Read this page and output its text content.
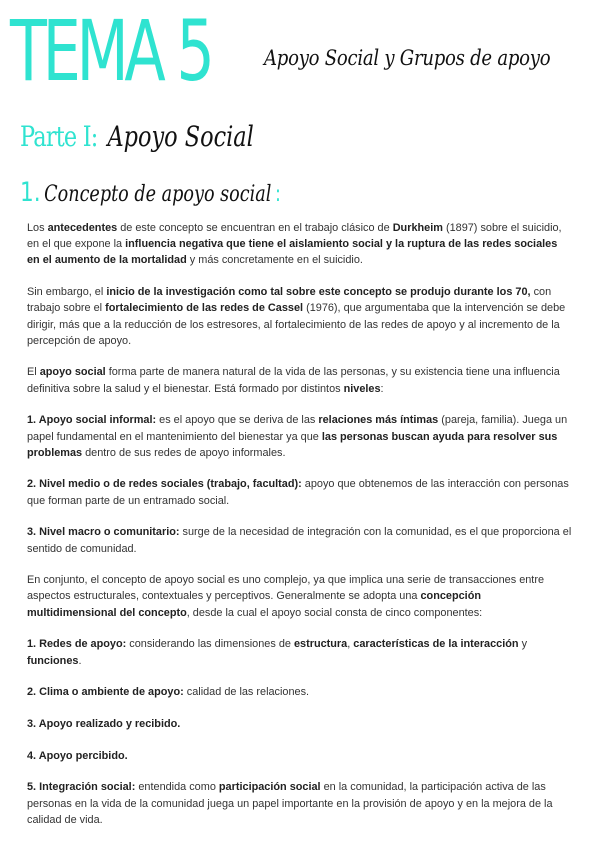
TEMA 5	Apoyo Social y Grupos de apoyo
Parte I: Apoyo Social
1. Concepto de apoyo social :

Los antecedentes de este concepto se encuentran en el trabajo clásico de Durkheim (1897) sobre el suicidio, en el que expone la influencia negativa que tiene el aislamiento social y la ruptura de las redes sociales en el aumento de la mortalidad y más concretamente en el suicidio.

Sin embargo, el inicio de la investigación como tal sobre este concepto se produjo durante los 70, con trabajo sobre el fortalecimiento de las redes de Cassel (1976), que argumentaba que la intervención se debe dirigir, más que a la reducción de los estresores, al fortalecimiento de las redes de apoyo y al incremento de la percepción de apoyo.

El apoyo social forma parte de manera natural de la vida de las personas, y su existencia tiene una influencia definitiva sobre la salud y el bienestar. Está formado por distintos niveles:

1. Apoyo social informal: es el apoyo que se deriva de las relaciones más íntimas (pareja, familia). Juega un papel fundamental en el mantenimiento del bienestar ya que las personas buscan ayuda para resolver sus problemas dentro de sus redes de apoyo informales.

2. Nivel medio o de redes sociales (trabajo, facultad): apoyo que obtenemos de las interacción con personas que forman parte de un entramado social.

3. Nivel macro o comunitario: surge de la necesidad de integración con la comunidad, es el que proporciona el sentido de comunidad.

En conjunto, el concepto de apoyo social es uno complejo, ya que implica una serie de transacciones entre aspectos estructurales, contextuales y perceptivos. Generalmente se adopta una concepción multidimensional del concepto, desde la cual el apoyo social consta de cinco componentes:

1. Redes de apoyo: considerando las dimensiones de estructura, características de la interacción y funciones.

2. Clima o ambiente de apoyo: calidad de las relaciones.

3. Apoyo realizado y recibido.

4. Apoyo percibido.

5. Integración social: entendida como participación social en la comunidad, la participación activa de las personas en la vida de la comunidad juega un papel importante en la provisión de apoyo y en la mejora de la calidad de vida.
